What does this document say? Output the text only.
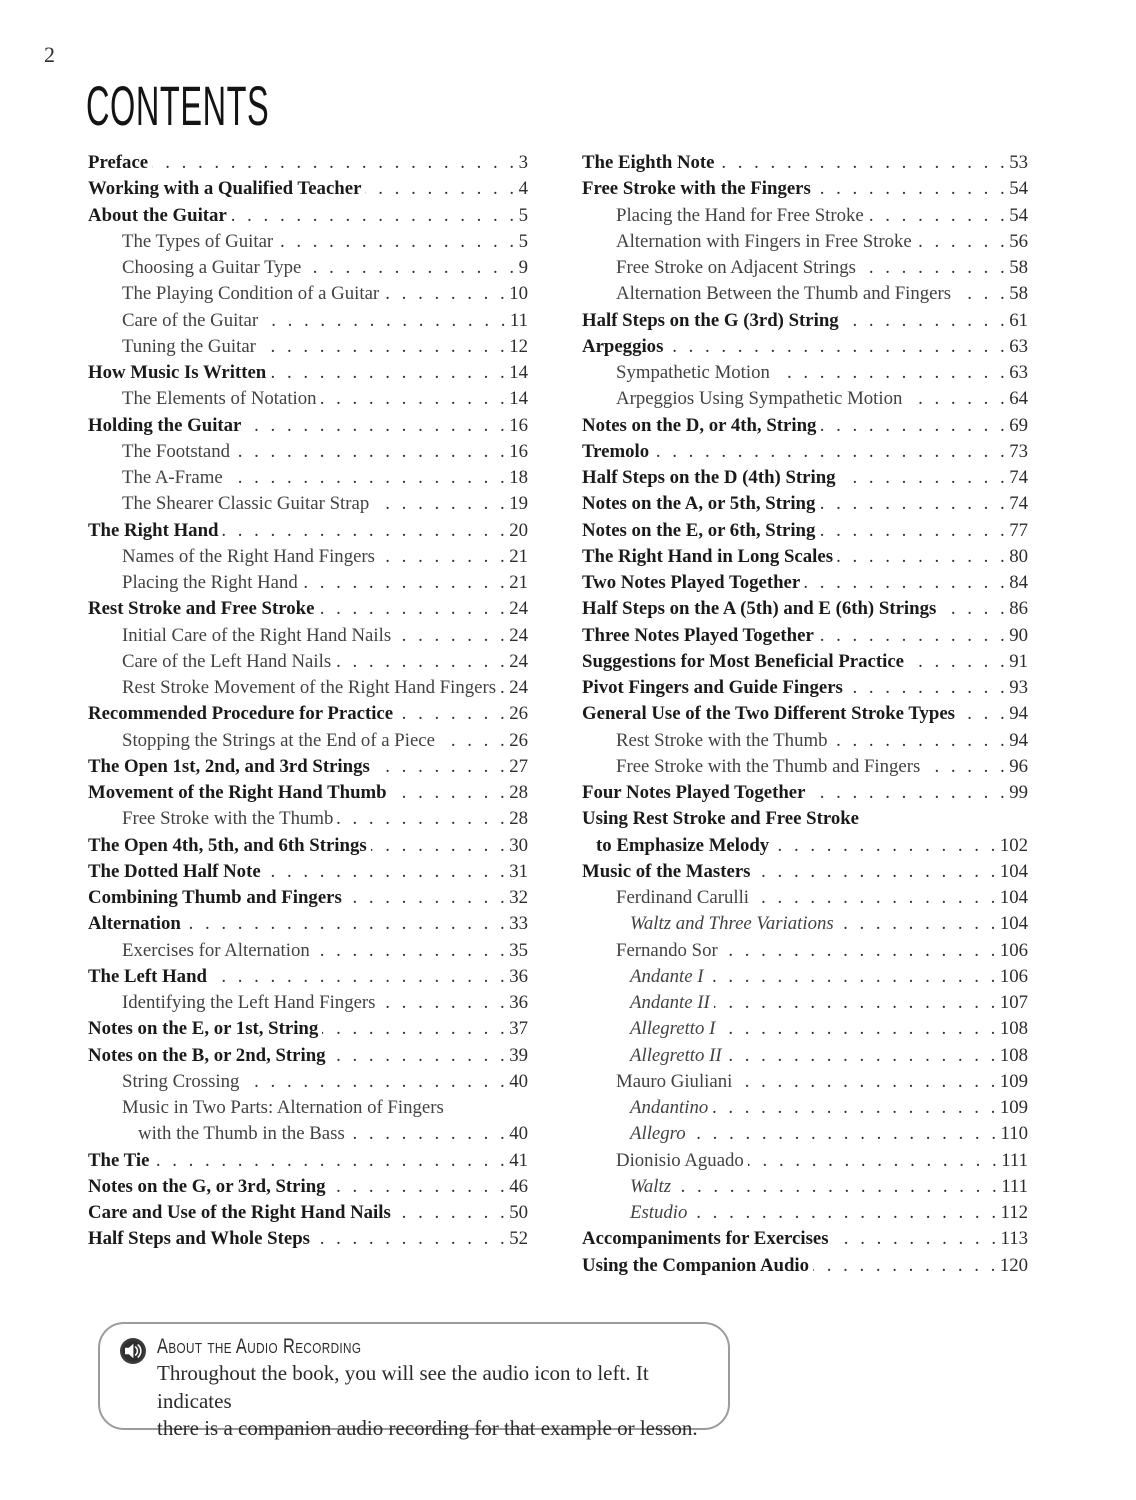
2
CONTENTS
Preface . . .	3
Working with a Qualified Teacher . . .	4
About the Guitar . . .	5
The Types of Guitar . . .	5
Choosing a Guitar Type . . .	9
The Playing Condition of a Guitar . . .	10
Care of the Guitar . . .	11
Tuning the Guitar . . .	12
How Music Is Written . . .	14
The Elements of Notation . . .	14
Holding the Guitar . . .	16
The Footstand . . .	16
The A-Frame . . .	18
The Shearer Classic Guitar Strap . . .	19
The Right Hand . . .	20
Names of the Right Hand Fingers . . .	21
Placing the Right Hand . . .	21
Rest Stroke and Free Stroke . . .	24
Initial Care of the Right Hand Nails . . .	24
Care of the Left Hand Nails . . .	24
Rest Stroke Movement of the Right Hand Fingers . . . 24
Recommended Procedure for Practice . . .	26
Stopping the Strings at the End of a Piece . . .	26
The Open 1st, 2nd, and 3rd Strings . . .	27
Movement of the Right Hand Thumb . . .	28
Free Stroke with the Thumb . . .	28
The Open 4th, 5th, and 6th Strings . . .	30
The Dotted Half Note . . .	31
Combining Thumb and Fingers . . .	32
Alternation . . .	33
Exercises for Alternation . . .	35
The Left Hand . . .	36
Identifying the Left Hand Fingers . . .	36
Notes on the E, or 1st, String . . .	37
Notes on the B, or 2nd, String . . .	39
String Crossing . . .	40
Music in Two Parts: Alternation of Fingers
with the Thumb in the Bass . . .	40
The Tie . . .	41
Notes on the G, or 3rd, String . . .	46
Care and Use of the Right Hand Nails . . .	50
Half Steps and Whole Steps . . .	52
The Eighth Note . . .	53
Free Stroke with the Fingers . . .	54
Placing the Hand for Free Stroke . . .	54
Alternation with Fingers in Free Stroke . . .	56
Free Stroke on Adjacent Strings . . .	58
Alternation Between the Thumb and Fingers . . .	58
Half Steps on the G (3rd) String . . .	61
Arpeggios . . .	63
Sympathetic Motion . . .	63
Arpeggios Using Sympathetic Motion . . .	64
Notes on the D, or 4th, String . . .	69
Tremolo . . .	73
Half Steps on the D (4th) String . . .	74
Notes on the A, or 5th, String . . .	74
Notes on the E, or 6th, String . . .	77
The Right Hand in Long Scales . . .	80
Two Notes Played Together . . .	84
Half Steps on the A (5th) and E (6th) Strings . . .	86
Three Notes Played Together . . .	90
Suggestions for Most Beneficial Practice . . .	91
Pivot Fingers and Guide Fingers . . .	93
General Use of the Two Different Stroke Types . . .	94
Rest Stroke with the Thumb . . .	94
Free Stroke with the Thumb and Fingers . . .	96
Four Notes Played Together . . .	99
Using Rest Stroke and Free Stroke
to Emphasize Melody . . .	102
Music of the Masters . . .	104
Ferdinand Carulli . . .	104
Waltz and Three Variations . . .	104
Fernando Sor . . .	106
Andante I . . .	106
Andante II . . .	107
Allegretto I . . .	108
Allegretto II . . .	108
Mauro Giuliani . . .	109
Andantino . . .	109
Allegro . . .	110
Dionisio Aguado . . .	111
Waltz . . .	111
Estudio . . .	112
Accompaniments for Exercises . . .	113
Using the Companion Audio . . .	120
About the Audio Recording
Throughout the book, you will see the audio icon to left. It indicates
there is a companion audio recording for that example or lesson.
